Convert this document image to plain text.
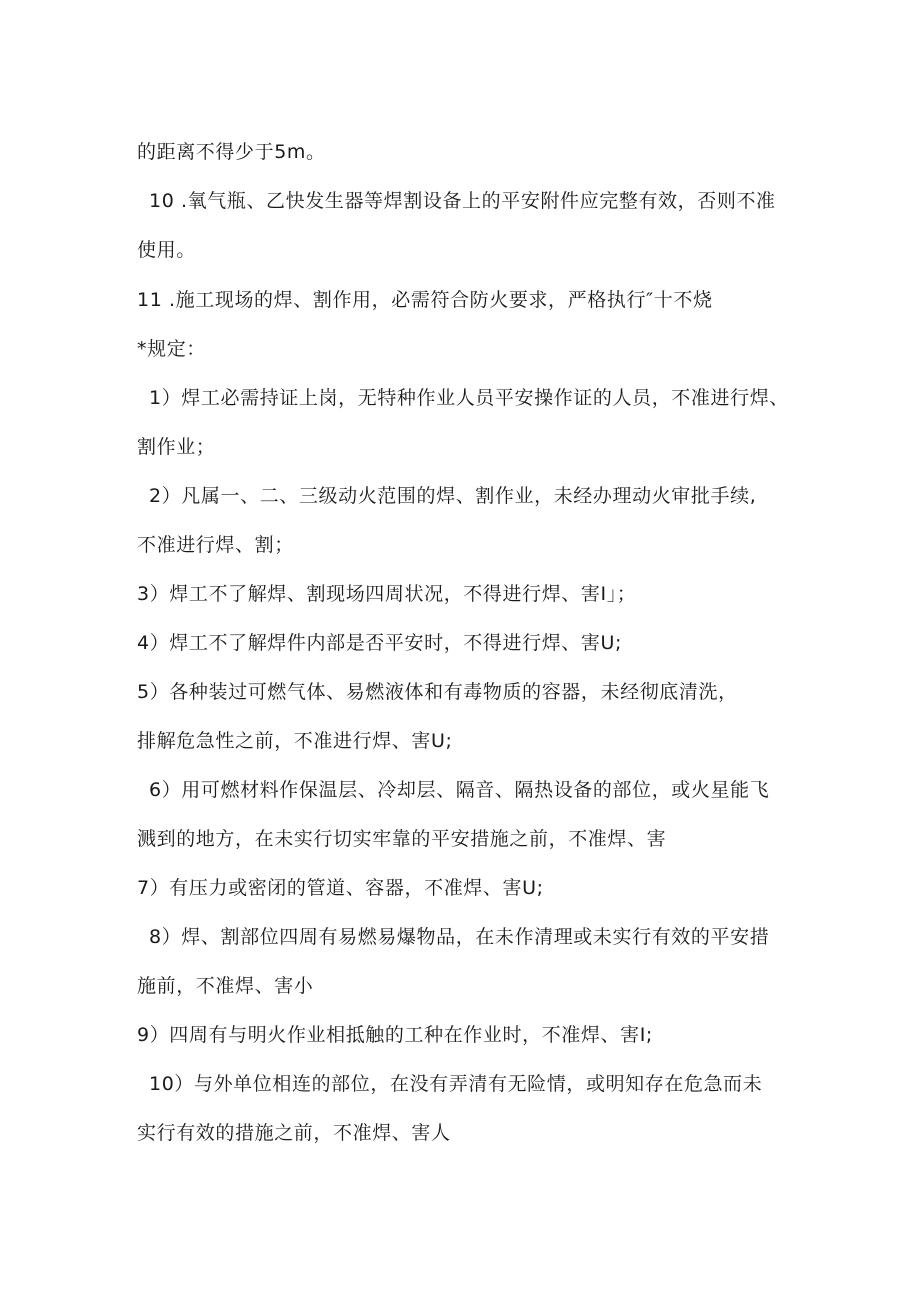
的距离不得少于5m。
10 .氧气瓶、乙快发生器等焊割设备上的平安附件应完整有效，否则不准
使用。
11 .施工现场的焊、割作用，必需符合防火要求，严格执行″十不烧
*规定：
1）焊工必需持证上岗，无特种作业人员平安操作证的人员，不准进行焊、
割作业；
2）凡属一、二、三级动火范围的焊、割作业，未经办理动火审批手续,
不准进行焊、割；
3）焊工不了解焊、割现场四周状况，不得进行焊、害I」；
4）焊工不了解焊件内部是否平安时，不得进行焊、害U;
5）各种装过可燃气体、易燃液体和有毒物质的容器，未经彻底清洗，
排解危急性之前，不准进行焊、害U;
6）用可燃材料作保温层、冷却层、隔音、隔热设备的部位，或火星能飞
溅到的地方，在未实行切实牢靠的平安措施之前，不准焊、害
7）有压力或密闭的管道、容器，不准焊、害U;
8）焊、割部位四周有易燃易爆物品，在未作清理或未实行有效的平安措
施前，不准焊、害小
9）四周有与明火作业相抵触的工种在作业时，不准焊、害I;
10）与外单位相连的部位，在没有弄清有无险情，或明知存在危急而未
实行有效的措施之前，不准焊、害人
